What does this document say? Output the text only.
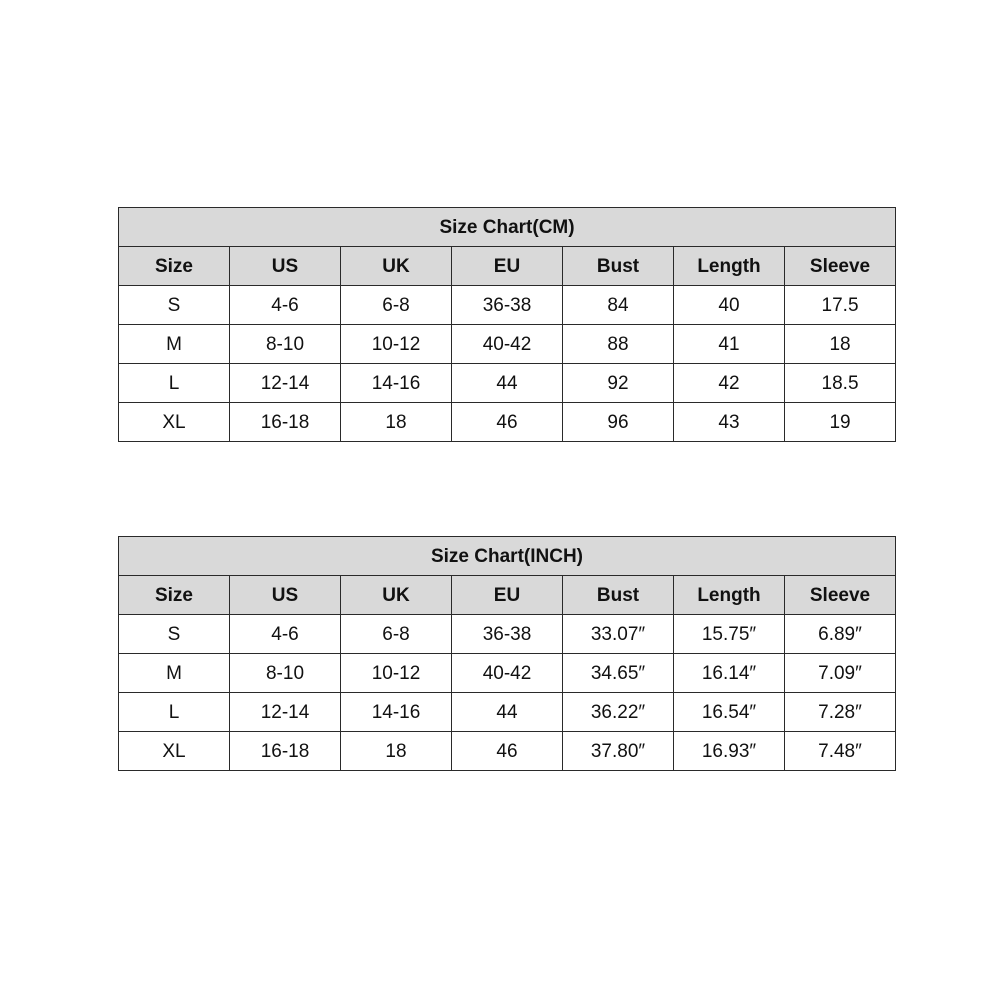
Size Chart(CM)						
Size	US	UK	EU	Bust	Length	Sleeve
S	4-6	6-8	36-38	84	40	17.5
M	8-10	10-12	40-42	88	41	18
L	12-14	14-16	44	92	42	18.5
XL	16-18	18	46	96	43	19
Size Chart(INCH)						
Size	US	UK	EU	Bust	Length	Sleeve
S	4-6	6-8	36-38	33.07″	15.75″	6.89″
M	8-10	10-12	40-42	34.65″	16.14″	7.09″
L	12-14	14-16	44	36.22″	16.54″	7.28″
XL	16-18	18	46	37.80″	16.93″	7.48″
